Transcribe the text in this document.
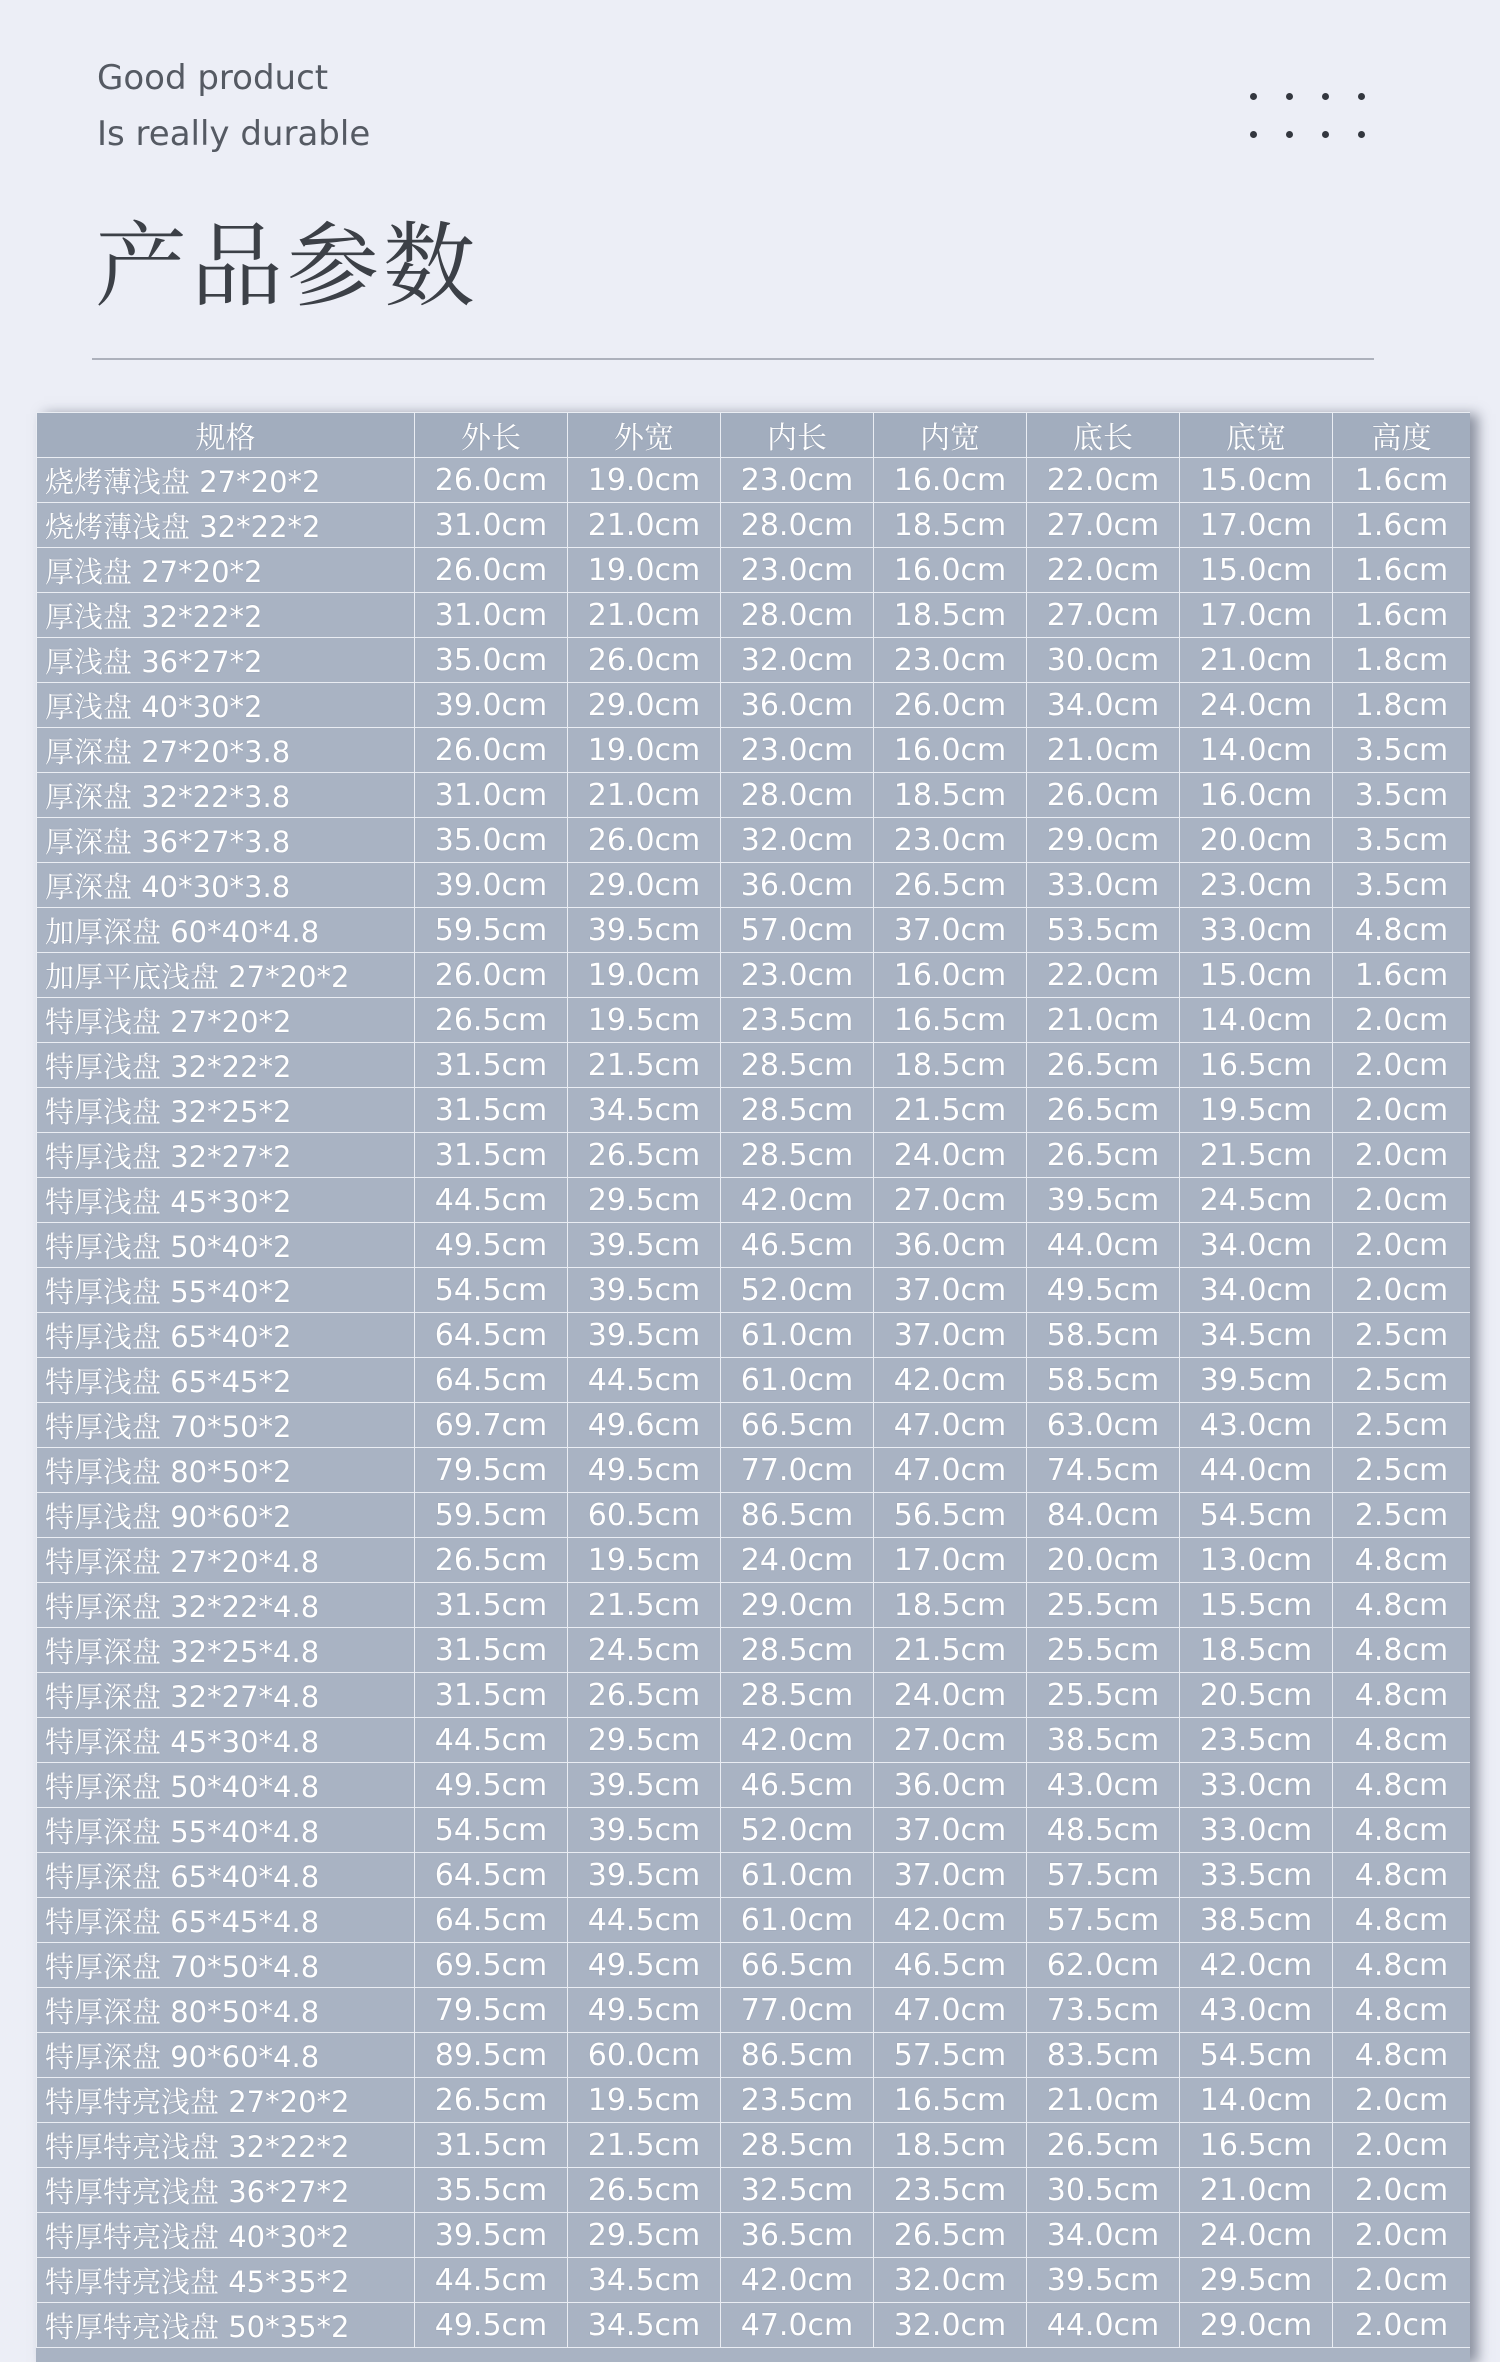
Good product
Is really durable
产品参数
规格	外长	外宽	内长	内宽	底长	底宽	高度
烧烤薄浅盘 27*20*2	26.0cm	19.0cm	23.0cm	16.0cm	22.0cm	15.0cm	1.6cm
烧烤薄浅盘 32*22*2	31.0cm	21.0cm	28.0cm	18.5cm	27.0cm	17.0cm	1.6cm
厚浅盘 27*20*2	26.0cm	19.0cm	23.0cm	16.0cm	22.0cm	15.0cm	1.6cm
厚浅盘 32*22*2	31.0cm	21.0cm	28.0cm	18.5cm	27.0cm	17.0cm	1.6cm
厚浅盘 36*27*2	35.0cm	26.0cm	32.0cm	23.0cm	30.0cm	21.0cm	1.8cm
厚浅盘 40*30*2	39.0cm	29.0cm	36.0cm	26.0cm	34.0cm	24.0cm	1.8cm
厚深盘 27*20*3.8	26.0cm	19.0cm	23.0cm	16.0cm	21.0cm	14.0cm	3.5cm
厚深盘 32*22*3.8	31.0cm	21.0cm	28.0cm	18.5cm	26.0cm	16.0cm	3.5cm
厚深盘 36*27*3.8	35.0cm	26.0cm	32.0cm	23.0cm	29.0cm	20.0cm	3.5cm
厚深盘 40*30*3.8	39.0cm	29.0cm	36.0cm	26.5cm	33.0cm	23.0cm	3.5cm
加厚深盘 60*40*4.8	59.5cm	39.5cm	57.0cm	37.0cm	53.5cm	33.0cm	4.8cm
加厚平底浅盘 27*20*2	26.0cm	19.0cm	23.0cm	16.0cm	22.0cm	15.0cm	1.6cm
特厚浅盘 27*20*2	26.5cm	19.5cm	23.5cm	16.5cm	21.0cm	14.0cm	2.0cm
特厚浅盘 32*22*2	31.5cm	21.5cm	28.5cm	18.5cm	26.5cm	16.5cm	2.0cm
特厚浅盘 32*25*2	31.5cm	34.5cm	28.5cm	21.5cm	26.5cm	19.5cm	2.0cm
特厚浅盘 32*27*2	31.5cm	26.5cm	28.5cm	24.0cm	26.5cm	21.5cm	2.0cm
特厚浅盘 45*30*2	44.5cm	29.5cm	42.0cm	27.0cm	39.5cm	24.5cm	2.0cm
特厚浅盘 50*40*2	49.5cm	39.5cm	46.5cm	36.0cm	44.0cm	34.0cm	2.0cm
特厚浅盘 55*40*2	54.5cm	39.5cm	52.0cm	37.0cm	49.5cm	34.0cm	2.0cm
特厚浅盘 65*40*2	64.5cm	39.5cm	61.0cm	37.0cm	58.5cm	34.5cm	2.5cm
特厚浅盘 65*45*2	64.5cm	44.5cm	61.0cm	42.0cm	58.5cm	39.5cm	2.5cm
特厚浅盘 70*50*2	69.7cm	49.6cm	66.5cm	47.0cm	63.0cm	43.0cm	2.5cm
特厚浅盘 80*50*2	79.5cm	49.5cm	77.0cm	47.0cm	74.5cm	44.0cm	2.5cm
特厚浅盘 90*60*2	59.5cm	60.5cm	86.5cm	56.5cm	84.0cm	54.5cm	2.5cm
特厚深盘 27*20*4.8	26.5cm	19.5cm	24.0cm	17.0cm	20.0cm	13.0cm	4.8cm
特厚深盘 32*22*4.8	31.5cm	21.5cm	29.0cm	18.5cm	25.5cm	15.5cm	4.8cm
特厚深盘 32*25*4.8	31.5cm	24.5cm	28.5cm	21.5cm	25.5cm	18.5cm	4.8cm
特厚深盘 32*27*4.8	31.5cm	26.5cm	28.5cm	24.0cm	25.5cm	20.5cm	4.8cm
特厚深盘 45*30*4.8	44.5cm	29.5cm	42.0cm	27.0cm	38.5cm	23.5cm	4.8cm
特厚深盘 50*40*4.8	49.5cm	39.5cm	46.5cm	36.0cm	43.0cm	33.0cm	4.8cm
特厚深盘 55*40*4.8	54.5cm	39.5cm	52.0cm	37.0cm	48.5cm	33.0cm	4.8cm
特厚深盘 65*40*4.8	64.5cm	39.5cm	61.0cm	37.0cm	57.5cm	33.5cm	4.8cm
特厚深盘 65*45*4.8	64.5cm	44.5cm	61.0cm	42.0cm	57.5cm	38.5cm	4.8cm
特厚深盘 70*50*4.8	69.5cm	49.5cm	66.5cm	46.5cm	62.0cm	42.0cm	4.8cm
特厚深盘 80*50*4.8	79.5cm	49.5cm	77.0cm	47.0cm	73.5cm	43.0cm	4.8cm
特厚深盘 90*60*4.8	89.5cm	60.0cm	86.5cm	57.5cm	83.5cm	54.5cm	4.8cm
特厚特亮浅盘 27*20*2	26.5cm	19.5cm	23.5cm	16.5cm	21.0cm	14.0cm	2.0cm
特厚特亮浅盘 32*22*2	31.5cm	21.5cm	28.5cm	18.5cm	26.5cm	16.5cm	2.0cm
特厚特亮浅盘 36*27*2	35.5cm	26.5cm	32.5cm	23.5cm	30.5cm	21.0cm	2.0cm
特厚特亮浅盘 40*30*2	39.5cm	29.5cm	36.5cm	26.5cm	34.0cm	24.0cm	2.0cm
特厚特亮浅盘 45*35*2	44.5cm	34.5cm	42.0cm	32.0cm	39.5cm	29.5cm	2.0cm
特厚特亮浅盘 50*35*2	49.5cm	34.5cm	47.0cm	32.0cm	44.0cm	29.0cm	2.0cm
